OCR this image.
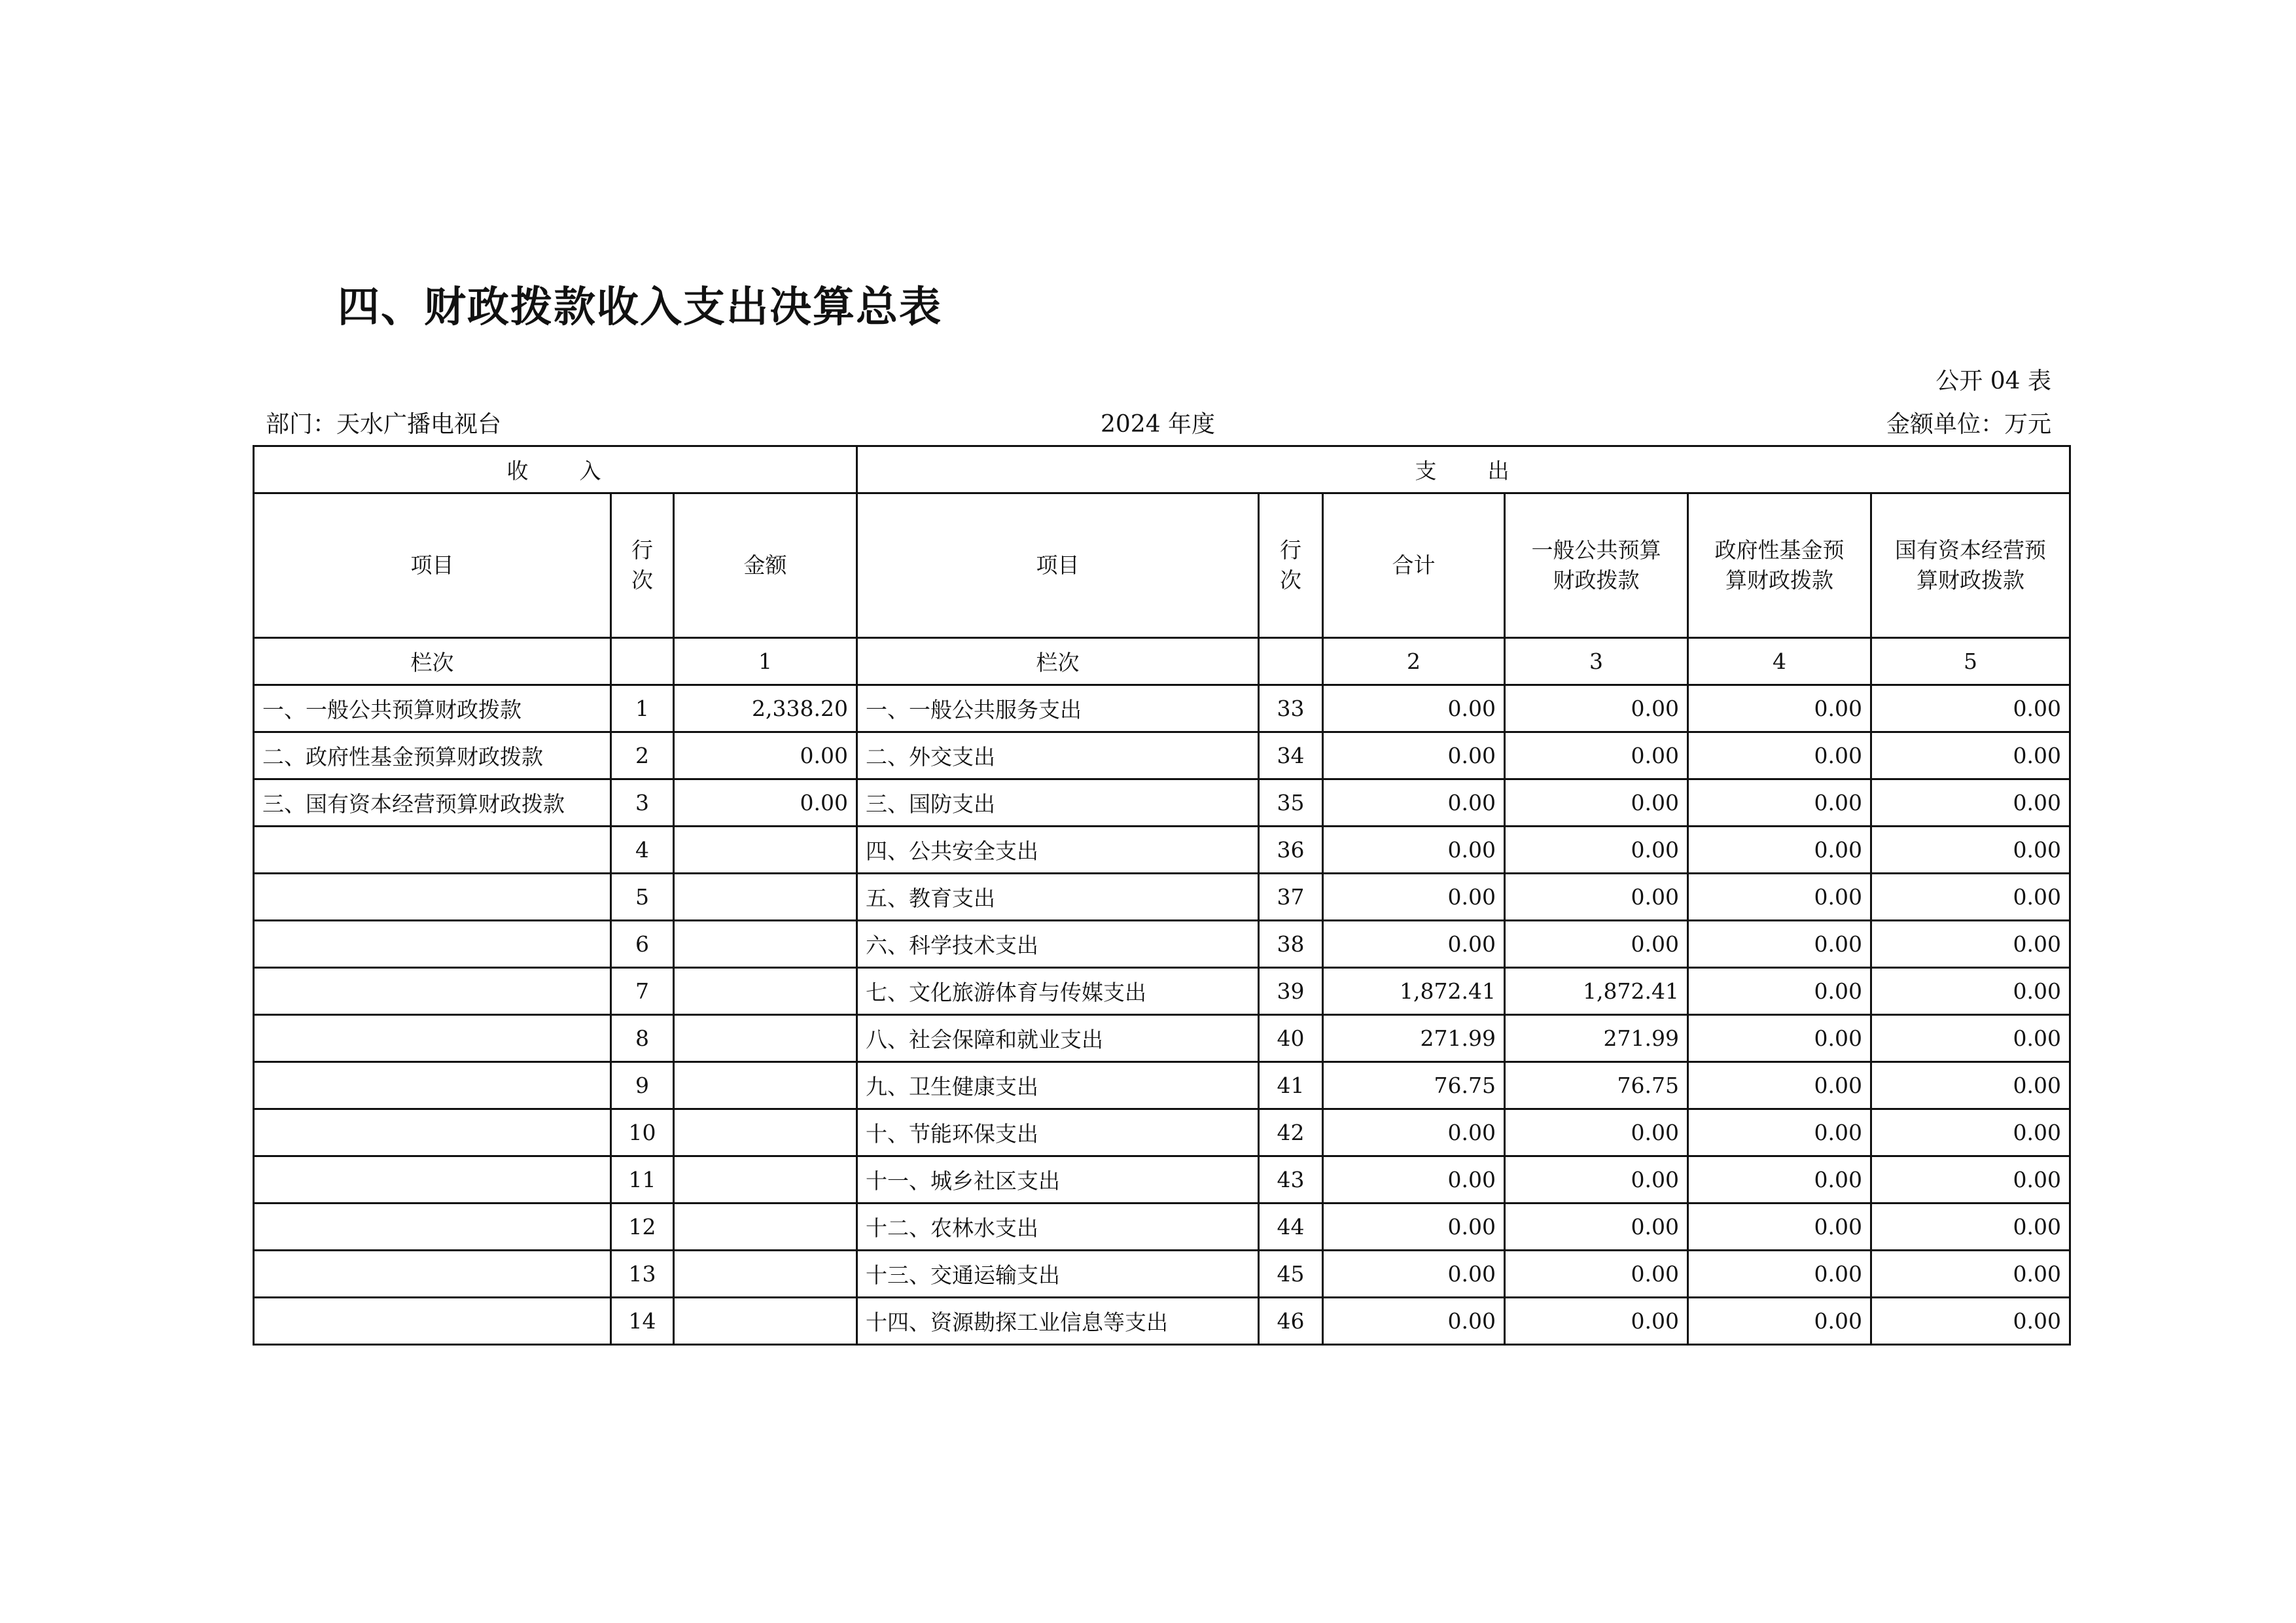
四、财政拨款收入支出决算总表
公开 04 表
部门：天水广播电视台	2024 年度	金额单位：万元
收　　入			支　　出					
项目	行次	金额	项目	行次	合计	一般公共预算财政拨款	政府性基金预算财政拨款	国有资本经营预算财政拨款
栏次		1	栏次		2	3	4	5
一、一般公共预算财政拨款	1	2,338.20	一、一般公共服务支出	33	0.00	0.00	0.00	0.00
二、政府性基金预算财政拨款	2	0.00	二、外交支出	34	0.00	0.00	0.00	0.00
三、国有资本经营预算财政拨款	3	0.00	三、国防支出	35	0.00	0.00	0.00	0.00
	4		四、公共安全支出	36	0.00	0.00	0.00	0.00
	5		五、教育支出	37	0.00	0.00	0.00	0.00
	6		六、科学技术支出	38	0.00	0.00	0.00	0.00
	7		七、文化旅游体育与传媒支出	39	1,872.41	1,872.41	0.00	0.00
	8		八、社会保障和就业支出	40	271.99	271.99	0.00	0.00
	9		九、卫生健康支出	41	76.75	76.75	0.00	0.00
	10		十、节能环保支出	42	0.00	0.00	0.00	0.00
	11		十一、城乡社区支出	43	0.00	0.00	0.00	0.00
	12		十二、农林水支出	44	0.00	0.00	0.00	0.00
	13		十三、交通运输支出	45	0.00	0.00	0.00	0.00
	14		十四、资源勘探工业信息等支出	46	0.00	0.00	0.00	0.00
